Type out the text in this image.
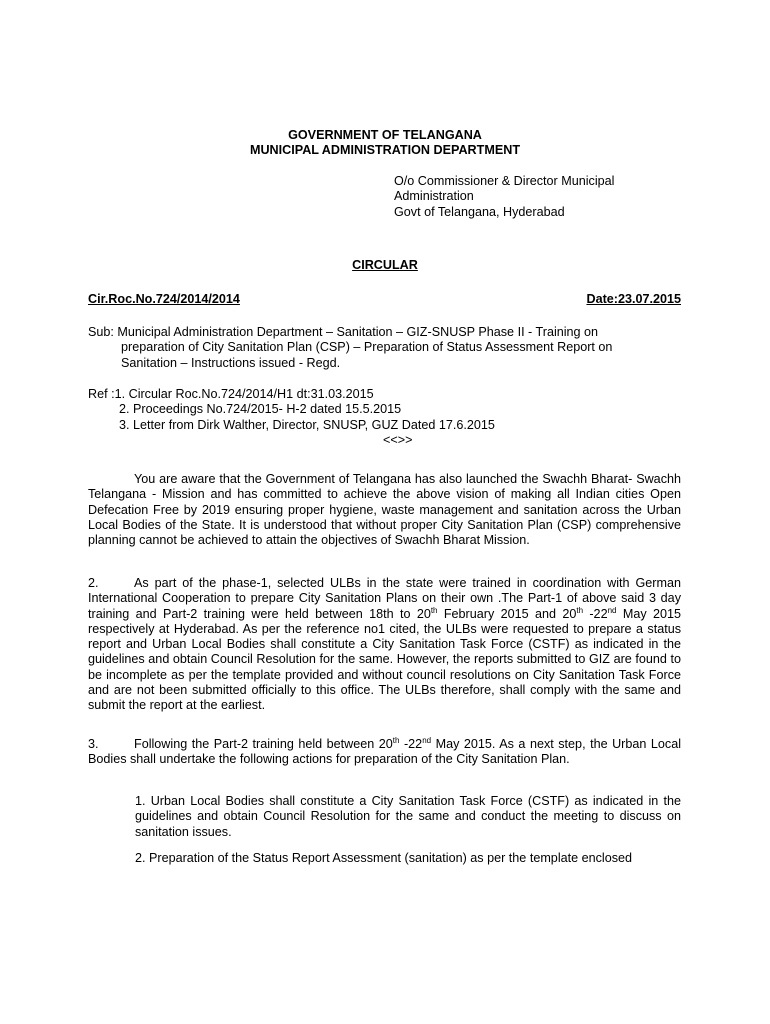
GOVERNMENT OF TELANGANA
MUNICIPAL ADMINISTRATION DEPARTMENT
O/o Commissioner & Director Municipal
Administration
Govt of Telangana, Hyderabad
CIRCULAR
Cir.Roc.No.724/2014/2014	Date:23.07.2015
Sub: Municipal Administration Department – Sanitation – GIZ-SNUSP Phase II - Training on
preparation of City Sanitation Plan (CSP) – Preparation of Status Assessment Report on
Sanitation – Instructions issued - Regd.
Ref :1. Circular Roc.No.724/2014/H1 dt:31.03.2015
2. Proceedings No.724/2015- H-2 dated 15.5.2015
3. Letter from Dirk Walther, Director, SNUSP, GUZ Dated 17.6.2015
<<>>

You are aware that the Government of Telangana has also launched the Swachh Bharat- Swachh Telangana - Mission and has committed to achieve the above vision of making all Indian cities Open Defecation Free by 2019 ensuring proper hygiene, waste management and sanitation across the Urban Local Bodies of the State. It is understood that without proper City Sanitation Plan (CSP) comprehensive planning cannot be achieved to attain the objectives of Swachh Bharat Mission.

2.	As part of the phase-1, selected ULBs in the state were trained in coordination with German International Cooperation to prepare City Sanitation Plans on their own .The Part-1 of above said 3 day training and Part-2 training were held between 18th to 20th February 2015 and 20th -22nd May 2015 respectively at Hyderabad. As per the reference no1 cited, the ULBs were requested to prepare a status report and Urban Local Bodies shall constitute a City Sanitation Task Force (CSTF) as indicated in the guidelines and obtain Council Resolution for the same. However, the reports submitted to GIZ are found to be incomplete as per the template provided and without council resolutions on City Sanitation Task Force and are not been submitted officially to this office. The ULBs therefore, shall comply with the same and submit the report at the earliest.

3.	Following the Part-2 training held between 20th -22nd May 2015. As a next step, the Urban Local Bodies shall undertake the following actions for preparation of the City Sanitation Plan.

1. Urban Local Bodies shall constitute a City Sanitation Task Force (CSTF) as indicated in the guidelines and obtain Council Resolution for the same and conduct the meeting to discuss on sanitation issues.

2. Preparation of the Status Report Assessment (sanitation) as per the template enclosed
